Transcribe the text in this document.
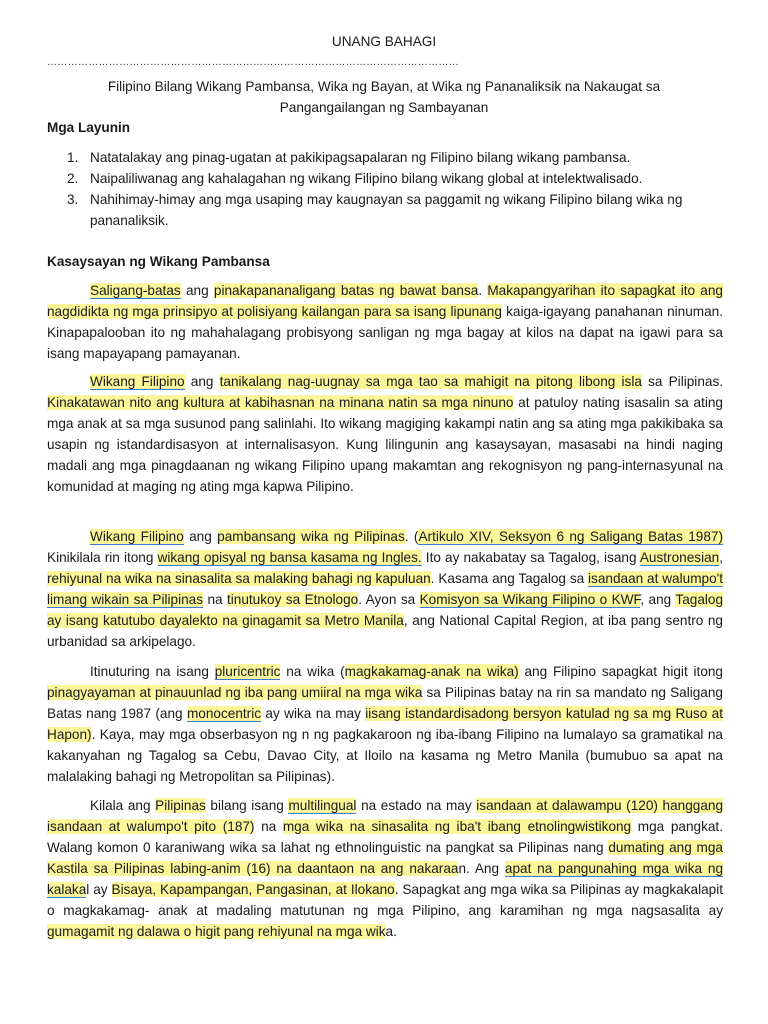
UNANG BAHAGI
…………………………………………………………………………………………………………
Filipino Bilang Wikang Pambansa, Wika ng Bayan, at Wika ng Pananaliksik na Nakaugat sa Pangangailangan ng Sambayanan
Mga Layunin
1. Natatalakay ang pinag-ugatan at pakikipagsapalaran ng Filipino bilang wikang pambansa.
2. Naipaliliwanag ang kahalagahan ng wikang Filipino bilang wikang global at intelektwalisado.
3. Nahihimay-himay ang mga usaping may kaugnayan sa paggamit ng wikang Filipino bilang wika ng pananaliksik.
Kasaysayan ng Wikang Pambansa

Saligang-batas ang pinakapananaligang batas ng bawat bansa. Makapangyarihan ito sapagkat ito ang nagdidikta ng mga prinsipyo at polisiyang kailangan para sa isang lipunang kaiga-igayang panahanan ninuman. Kinapapalooban ito ng mahahalagang probisyong sanligan ng mga bagay at kilos na dapat na igawi para sa isang mapayapang pamayanan.

Wikang Filipino ang tanikalang nag-uugnay sa mga tao sa mahigit na pitong libong isla sa Pilipinas. Kinakatawan nito ang kultura at kabihasnan na minana natin sa mga ninuno at patuloy nating isasalin sa ating mga anak at sa mga susunod pang salinlahi. Ito wikang magiging kakampi natin ang sa ating mga pakikibaka sa usapin ng istandardisasyon at internalisasyon. Kung lilingunin ang kasaysayan, masasabi na hindi naging madali ang mga pinagdaanan ng wikang Filipino upang makamtan ang rekognisyon ng pang-internasyunal na komunidad at maging ng ating mga kapwa Pilipino.

Wikang Filipino ang pambansang wika ng Pilipinas. (Artikulo XIV, Seksyon 6 ng Saligang Batas 1987) Kinikilala rin itong wikang opisyal ng bansa kasama ng Ingles. Ito ay nakabatay sa Tagalog, isang Austronesian, rehiyunal na wika na sinasalita sa malaking bahagi ng kapuluan. Kasama ang Tagalog sa isandaan at walumpo't limang wikain sa Pilipinas na tinutukoy sa Etnologo. Ayon sa Komisyon sa Wikang Filipino o KWF, ang Tagalog ay isang katutubo dayalekto na ginagamit sa Metro Manila, ang National Capital Region, at iba pang sentro ng urbanidad sa arkipelago.

Itinuturing na isang pluricentric na wika (magkakamag-anak na wika) ang Filipino sapagkat higit itong pinagyayaman at pinauunlad ng iba pang umiiral na mga wika sa Pilipinas batay na rin sa mandato ng Saligang Batas nang 1987 (ang monocentric ay wika na may iisang istandardisadong bersyon katulad ng sa mg Ruso at Hapon). Kaya, may mga obserbasyon ng n ng pagkakaroon ng iba-ibang Filipino na lumalayo sa gramatikal na kakanyahan ng Tagalog sa Cebu, Davao City, at Iloilo na kasama ng Metro Manila (bumubuo sa apat na malalaking bahagi ng Metropolitan sa Pilipinas).

Kilala ang Pilipinas bilang isang multilingual na estado na may isandaan at dalawampu (120) hanggang isandaan at walumpo't pito (187) na mga wika na sinasalita ng iba't ibang etnolingwistikong mga pangkat. Walang komon 0 karaniwang wika sa lahat ng ethnolinguistic na pangkat sa Pilipinas nang dumating ang mga Kastila sa Pilipinas labing-anim (16) na daantaon na ang nakaraan. Ang apat na pangunahing mga wika ng kalakal ay Bisaya, Kapampangan, Pangasinan, at Ilokano. Sapagkat ang mga wika sa Pilipinas ay magkakalapit o magkakamag- anak at madaling matutunan ng mga Pilipino, ang karamihan ng mga nagsasalita ay gumagamit ng dalawa o higit pang rehiyunal na mga wika.
